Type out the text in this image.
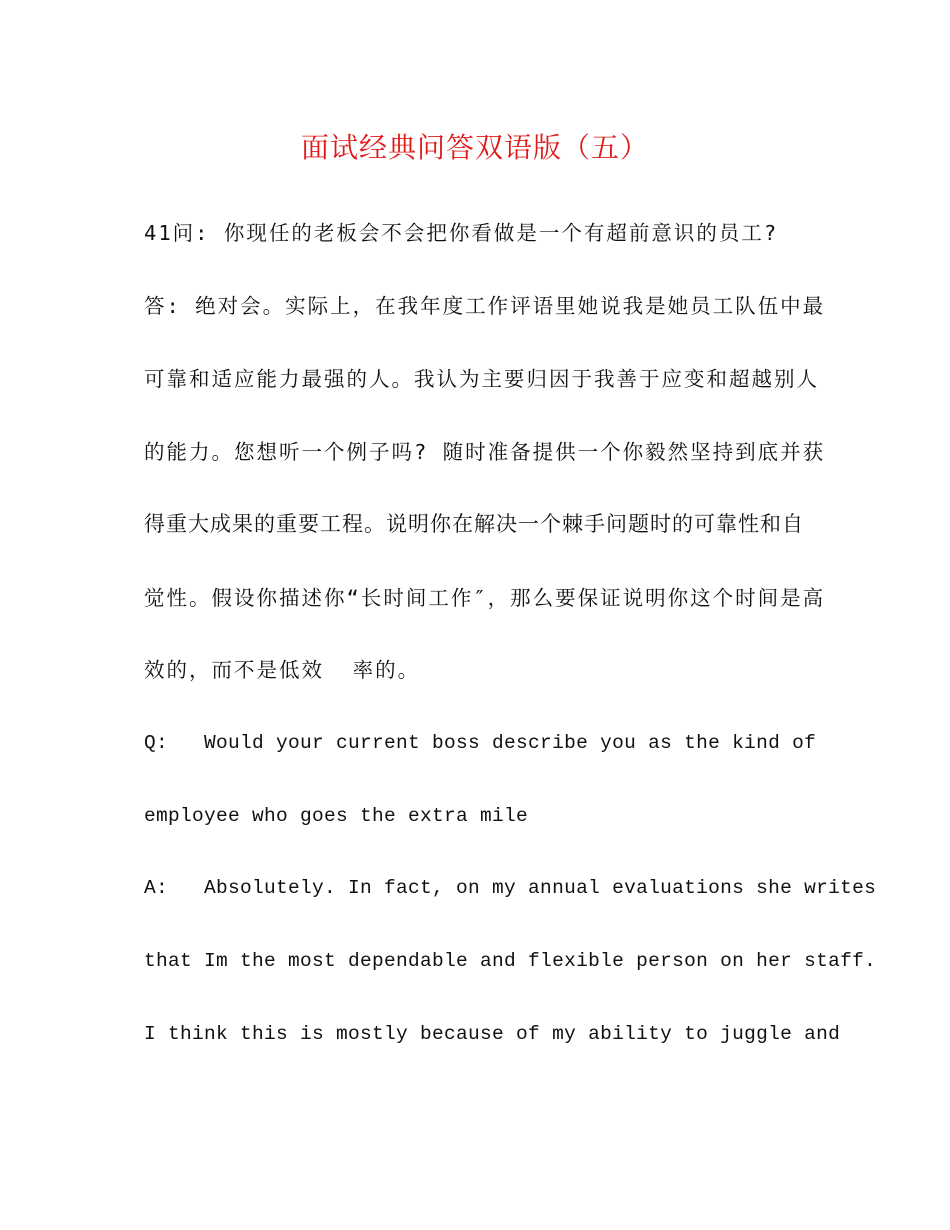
面试经典问答双语版（五）
41问: 你现任的老板会不会把你看做是一个有超前意识的员工?
答: 绝对会。实际上，在我年度工作评语里她说我是她员工队伍中最
可靠和适应能力最强的人。我认为主要归因于我善于应变和超越别人
的能力。您想听一个例子吗? 随时准备提供一个你毅然坚持到底并获
得重大成果的重要工程。说明你在解决一个棘手问题时的可靠性和自
觉性。假设你描述你“长时间工作″，那么要保证说明你这个时间是高
效的，而不是低效  率的。
Q:   Would your current boss describe you as the kind of
employee who goes the extra mile
A:   Absolutely. In fact, on my annual evaluations she writes
that Im the most dependable and flexible person on her staff.
I think this is mostly because of my ability to juggle and
